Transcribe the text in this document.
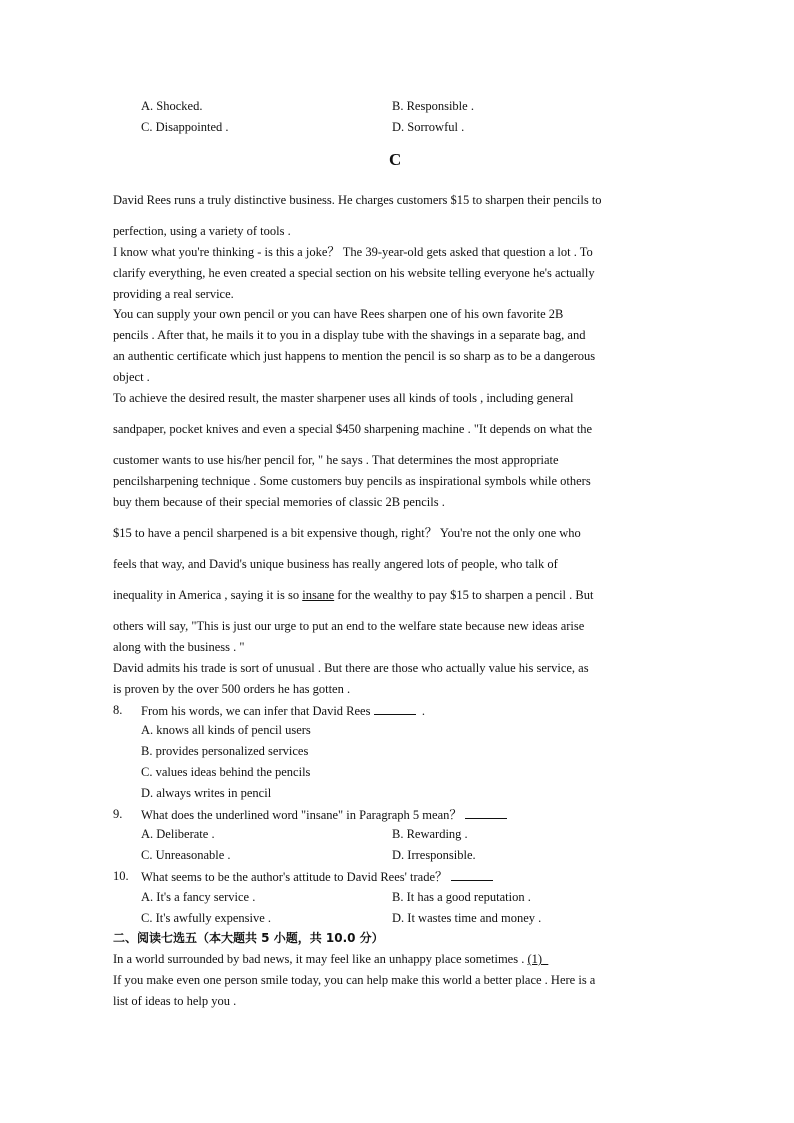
A. Shocked.	B. Responsible .
C. Disappointed .	D. Sorrowful .
C
David Rees runs a truly distinctive business. He charges customers $15 to sharpen their pencils to
perfection, using a variety of tools .
I know what you're thinking - is this a joke？ The 39-year-old gets asked that question a lot . To
clarify everything, he even created a special section on his website telling everyone he's actually
providing a real service.
You can supply your own pencil or you can have Rees sharpen one of his own favorite 2B
pencils . After that, he mails it to you in a display tube with the shavings in a separate bag, and
an authentic certificate which just happens to mention the pencil is so sharp as to be a dangerous
object .
To achieve the desired result, the master sharpener uses all kinds of tools , including general
sandpaper, pocket knives and even a special $450 sharpening machine . "It depends on what the
customer wants to use his/her pencil for, " he says . That determines the most appropriate
pencilsharpening technique . Some customers buy pencils as inspirational symbols while others
buy them because of their special memories of classic 2B pencils .
$15 to have a pencil sharpened is a bit expensive though, right？ You're not the only one who
feels that way, and David's unique business has really angered lots of people, who talk of
inequality in America , saying it is so insane for the wealthy to pay $15 to sharpen a pencil . But
others will say, "This is just our urge to put an end to the welfare state because new ideas arise
along with the business . "
David admits his trade is sort of unusual . But there are those who actually value his service, as
is proven by the over 500 orders he has gotten .
8. From his words, we can infer that David Rees	.
A. knows all kinds of pencil users
B. provides personalized services
C. values ideas behind the pencils
D. always writes in pencil
9. What does the underlined word "insane" in Paragraph 5 mean？
A. Deliberate .	B. Rewarding .
C. Unreasonable .	D. Irresponsible.
10. What seems to be the author's attitude to David Rees' trade？
A. It's a fancy service .	B. It has a good reputation .
C. It's awfully expensive .	D. It wastes time and money .
二、阅读七选五（本大题共 5 小题，共 10.0 分）
In a world surrounded by bad news, it may feel like an unhappy place sometimes . (1)
If you make even one person smile today, you can help make this world a better place . Here is a
list of ideas to help you .
